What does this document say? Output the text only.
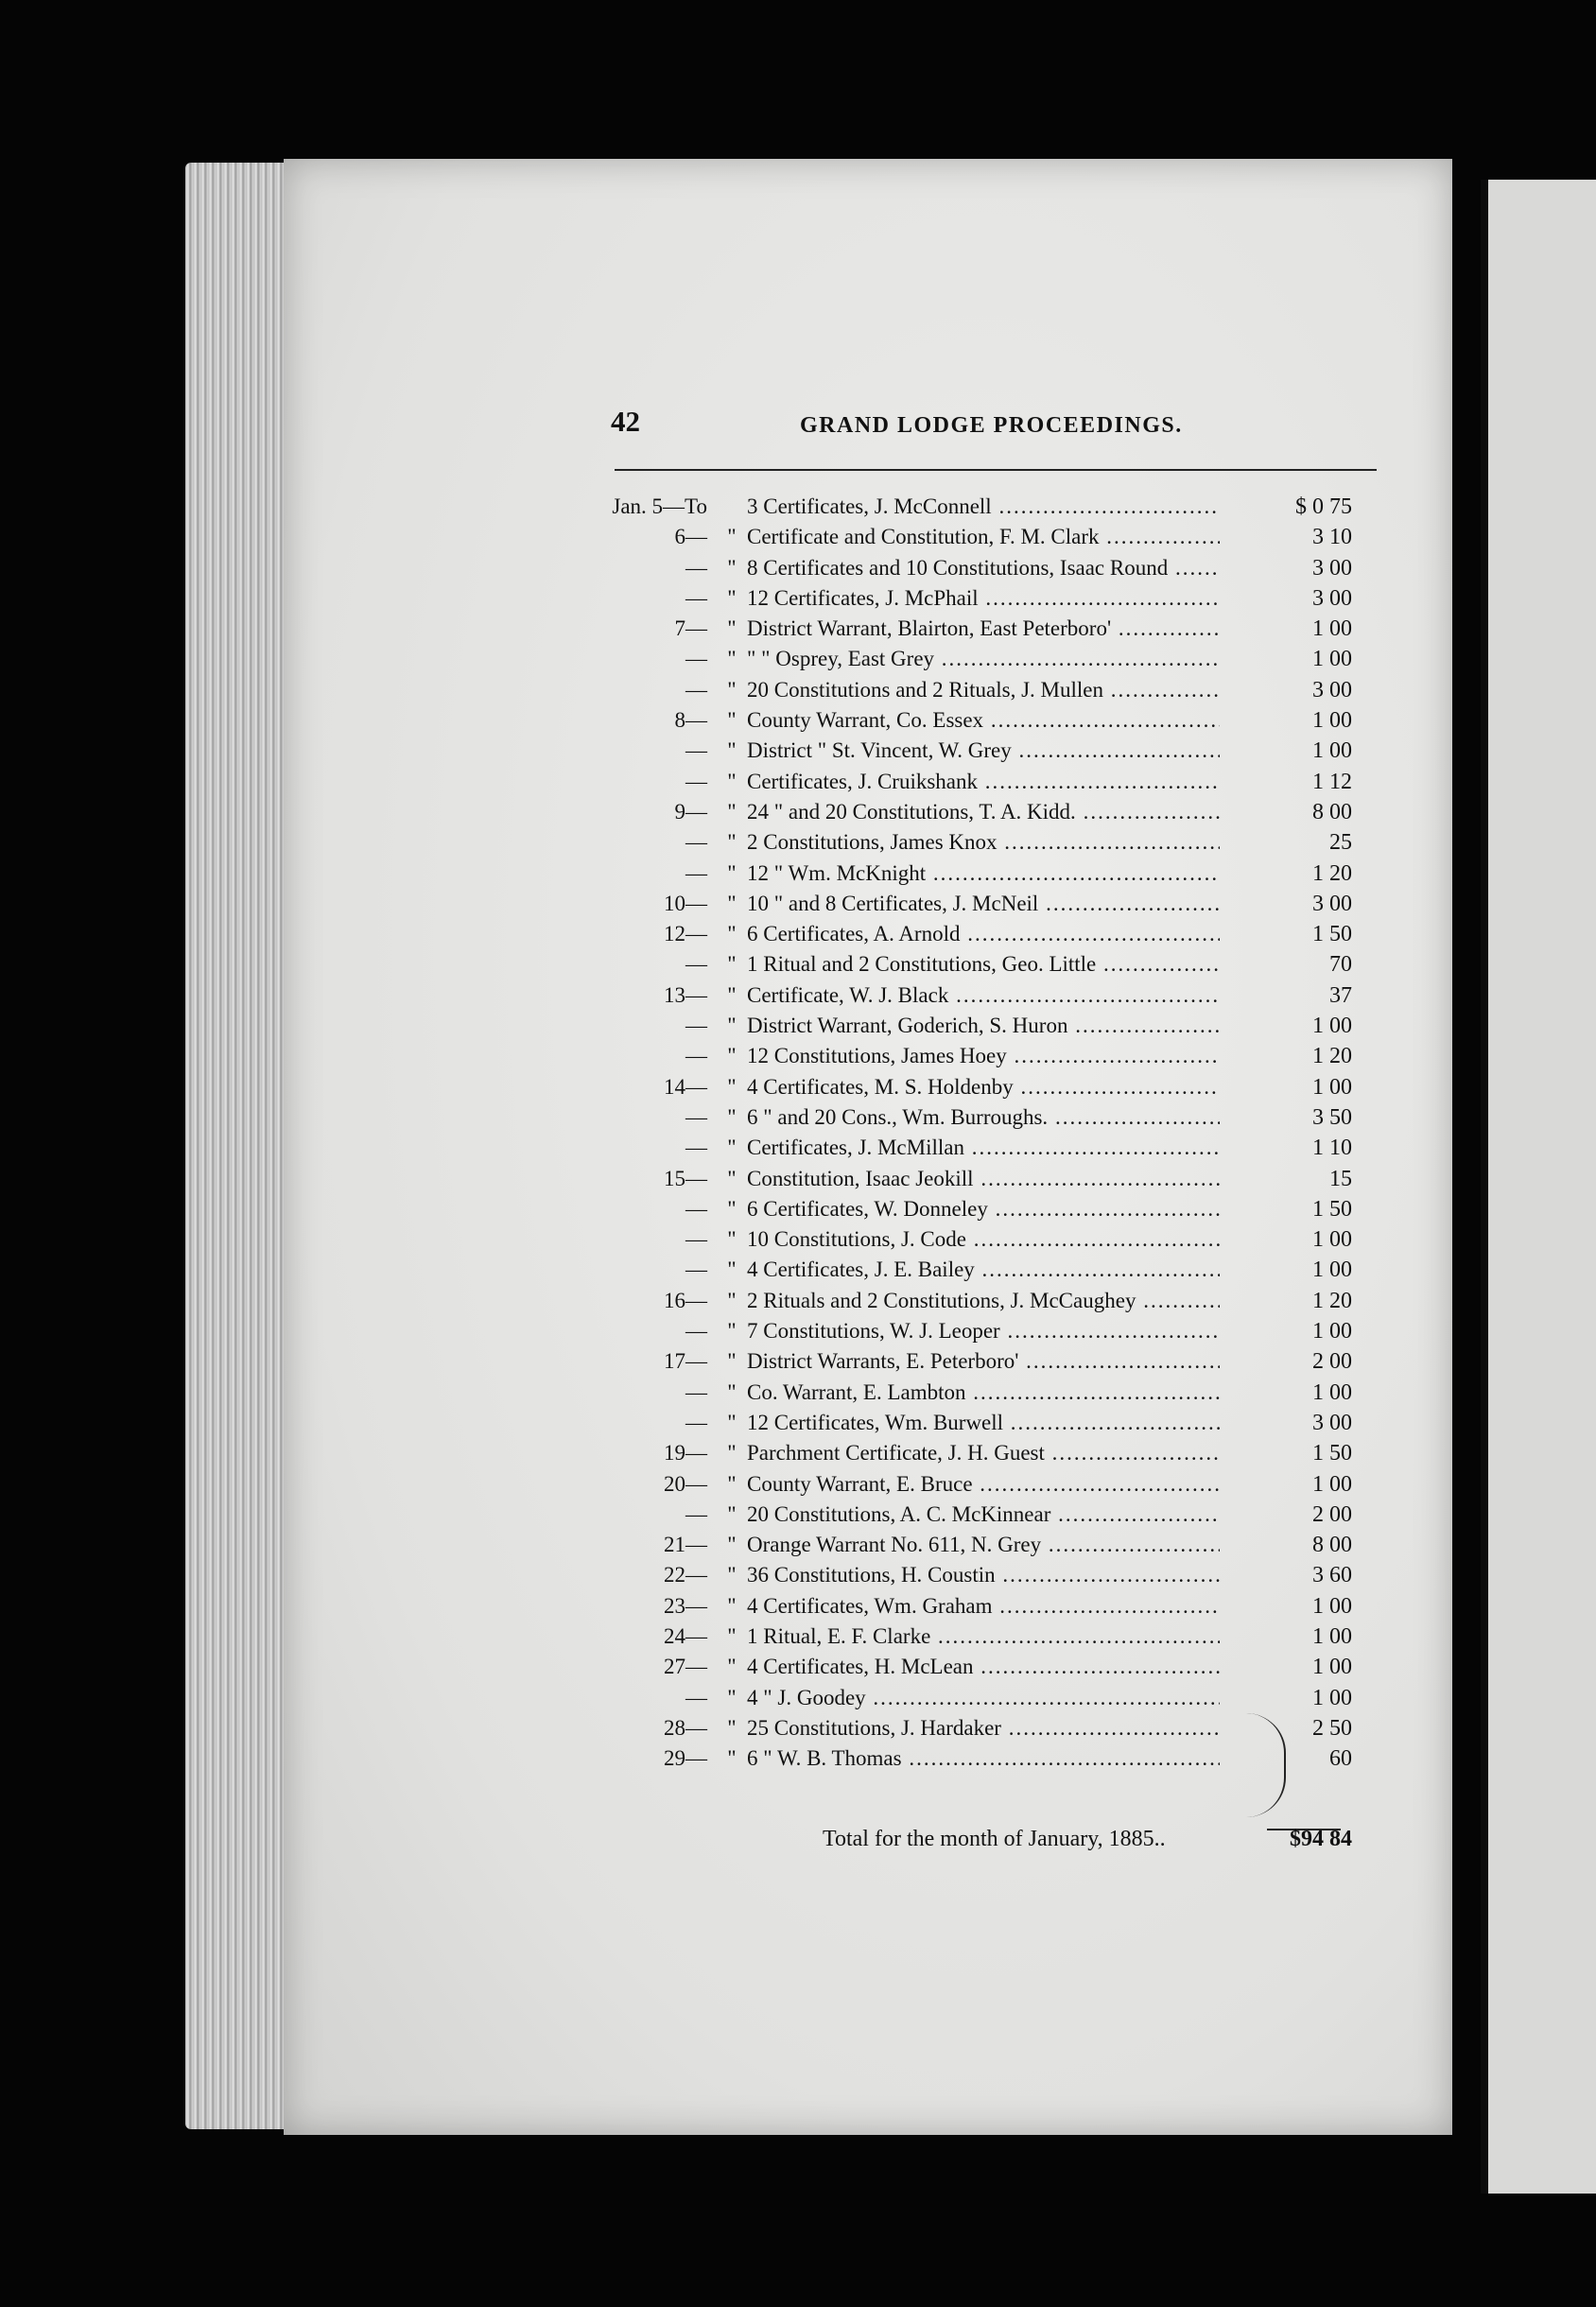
42	GRAND LODGE PROCEEDINGS.
Jan. 5—To 3 Certificates, J. McConnell .....	$ 0 75
6— " Certificate and Constitution, F. M. Clark .....	3 10
— " 8 Certificates and 10 Constitutions, Isaac Round .....	3 00
— " 12 Certificates, J. McPhail .....	3 00
7— " District Warrant, Blairton, East Peterboro' .....	1 00
— " " " Osprey, East Grey .....	1 00
— " 20 Constitutions and 2 Rituals, J. Mullen .....	3 00
8— " County Warrant, Co. Essex .....	1 00
— " District " St. Vincent, W. Grey .....	1 00
— " Certificates, J. Cruikshank .....	1 12
9— " 24 " and 20 Constitutions, T. A. Kidd. .....	8 00
— " 2 Constitutions, James Knox .....	25
— " 12 " Wm. McKnight .....	1 20
10— " 10 " and 8 Certificates, J. McNeil .....	3 00
12— " 6 Certificates, A. Arnold .....	1 50
— " 1 Ritual and 2 Constitutions, Geo. Little .....	70
13— " Certificate, W. J. Black .....	37
— " District Warrant, Goderich, S. Huron .....	1 00
— " 12 Constitutions, James Hoey .....	1 20
14— " 4 Certificates, M. S. Holdenby .....	1 00
— " 6 " and 20 Cons., Wm. Burroughs. .....	3 50
— " Certificates, J. McMillan .....	1 10
15— " Constitution, Isaac Jeokill .....	15
— " 6 Certificates, W. Donneley .....	1 50
— " 10 Constitutions, J. Code .....	1 00
— " 4 Certificates, J. E. Bailey .....	1 00
16— " 2 Rituals and 2 Constitutions, J. McCaughey .....	1 20
— " 7 Constitutions, W. J. Leoper .....	1 00
17— " District Warrants, E. Peterboro' .....	2 00
— " Co. Warrant, E. Lambton .....	1 00
— " 12 Certificates, Wm. Burwell .....	3 00
19— " Parchment Certificate, J. H. Guest .....	1 50
20— " County Warrant, E. Bruce .....	1 00
— " 20 Constitutions, A. C. McKinnear .....	2 00
21— " Orange Warrant No. 611, N. Grey .....	8 00
22— " 36 Constitutions, H. Coustin .....	3 60
23— " 4 Certificates, Wm. Graham .....	1 00
24— " 1 Ritual, E. F. Clarke .....	1 00
27— " 4 Certificates, H. McLean .....	1 00
— " 4 " J. Goodey .....	1 00
28— " 25 Constitutions, J. Hardaker .....	2 50
29— " 6 " W. B. Thomas .....	60
Total for the month of January, 1885..	$94 84
